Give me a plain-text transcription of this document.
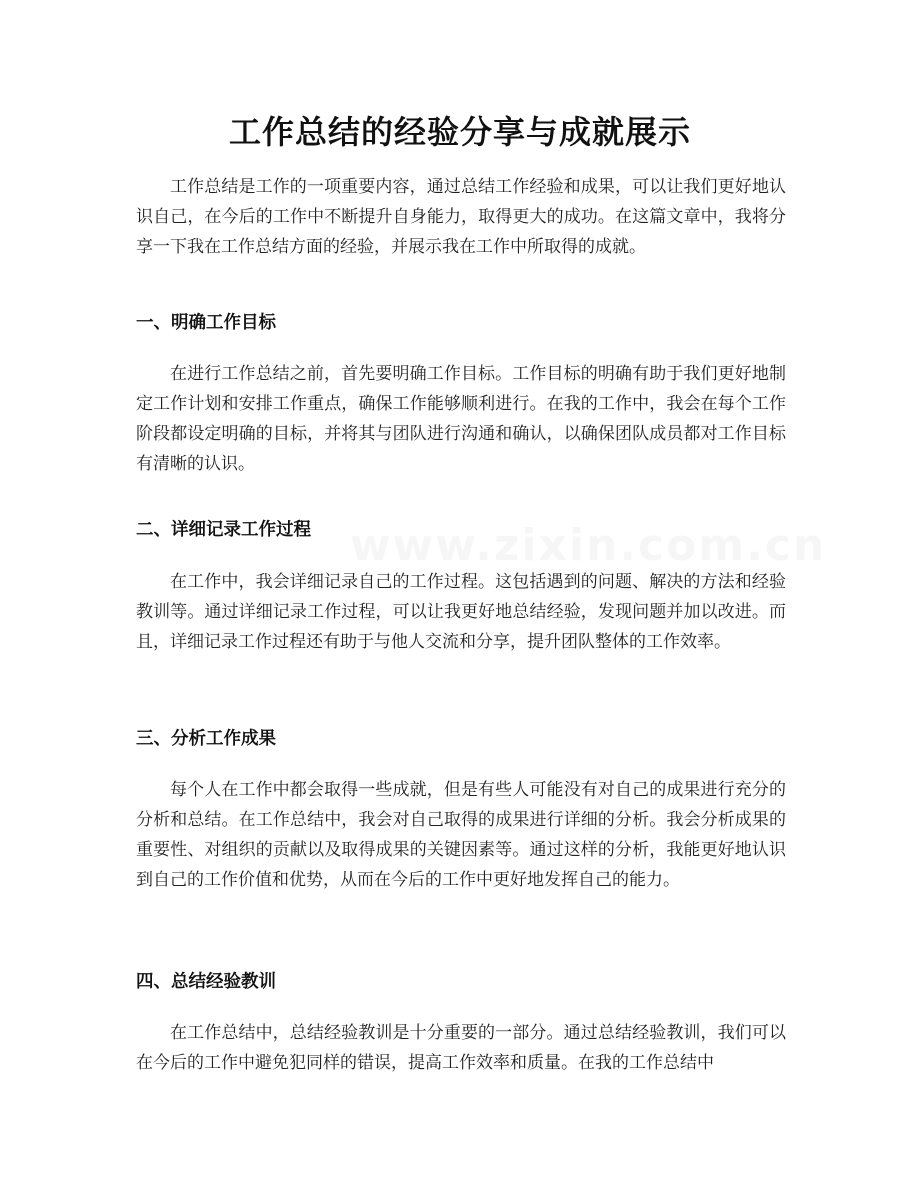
工作总结的经验分享与成就展示

工作总结是工作的一项重要内容，通过总结工作经验和成果，可以让我们更好地认识自己，在今后的工作中不断提升自身能力，取得更大的成功。在这篇文章中，我将分享一下我在工作总结方面的经验，并展示我在工作中所取得的成就。

一、明确工作目标

在进行工作总结之前，首先要明确工作目标。工作目标的明确有助于我们更好地制定工作计划和安排工作重点，确保工作能够顺利进行。在我的工作中，我会在每个工作阶段都设定明确的目标，并将其与团队进行沟通和确认，以确保团队成员都对工作目标有清晰的认识。

二、详细记录工作过程

在工作中，我会详细记录自己的工作过程。这包括遇到的问题、解决的方法和经验教训等。通过详细记录工作过程，可以让我更好地总结经验，发现问题并加以改进。而且，详细记录工作过程还有助于与他人交流和分享，提升团队整体的工作效率。

三、分析工作成果

每个人在工作中都会取得一些成就，但是有些人可能没有对自己的成果进行充分的分析和总结。在工作总结中，我会对自己取得的成果进行详细的分析。我会分析成果的重要性、对组织的贡献以及取得成果的关键因素等。通过这样的分析，我能更好地认识到自己的工作价值和优势，从而在今后的工作中更好地发挥自己的能力。

四、总结经验教训

在工作总结中，总结经验教训是十分重要的一部分。通过总结经验教训，我们可以在今后的工作中避免犯同样的错误，提高工作效率和质量。在我的工作总结中
